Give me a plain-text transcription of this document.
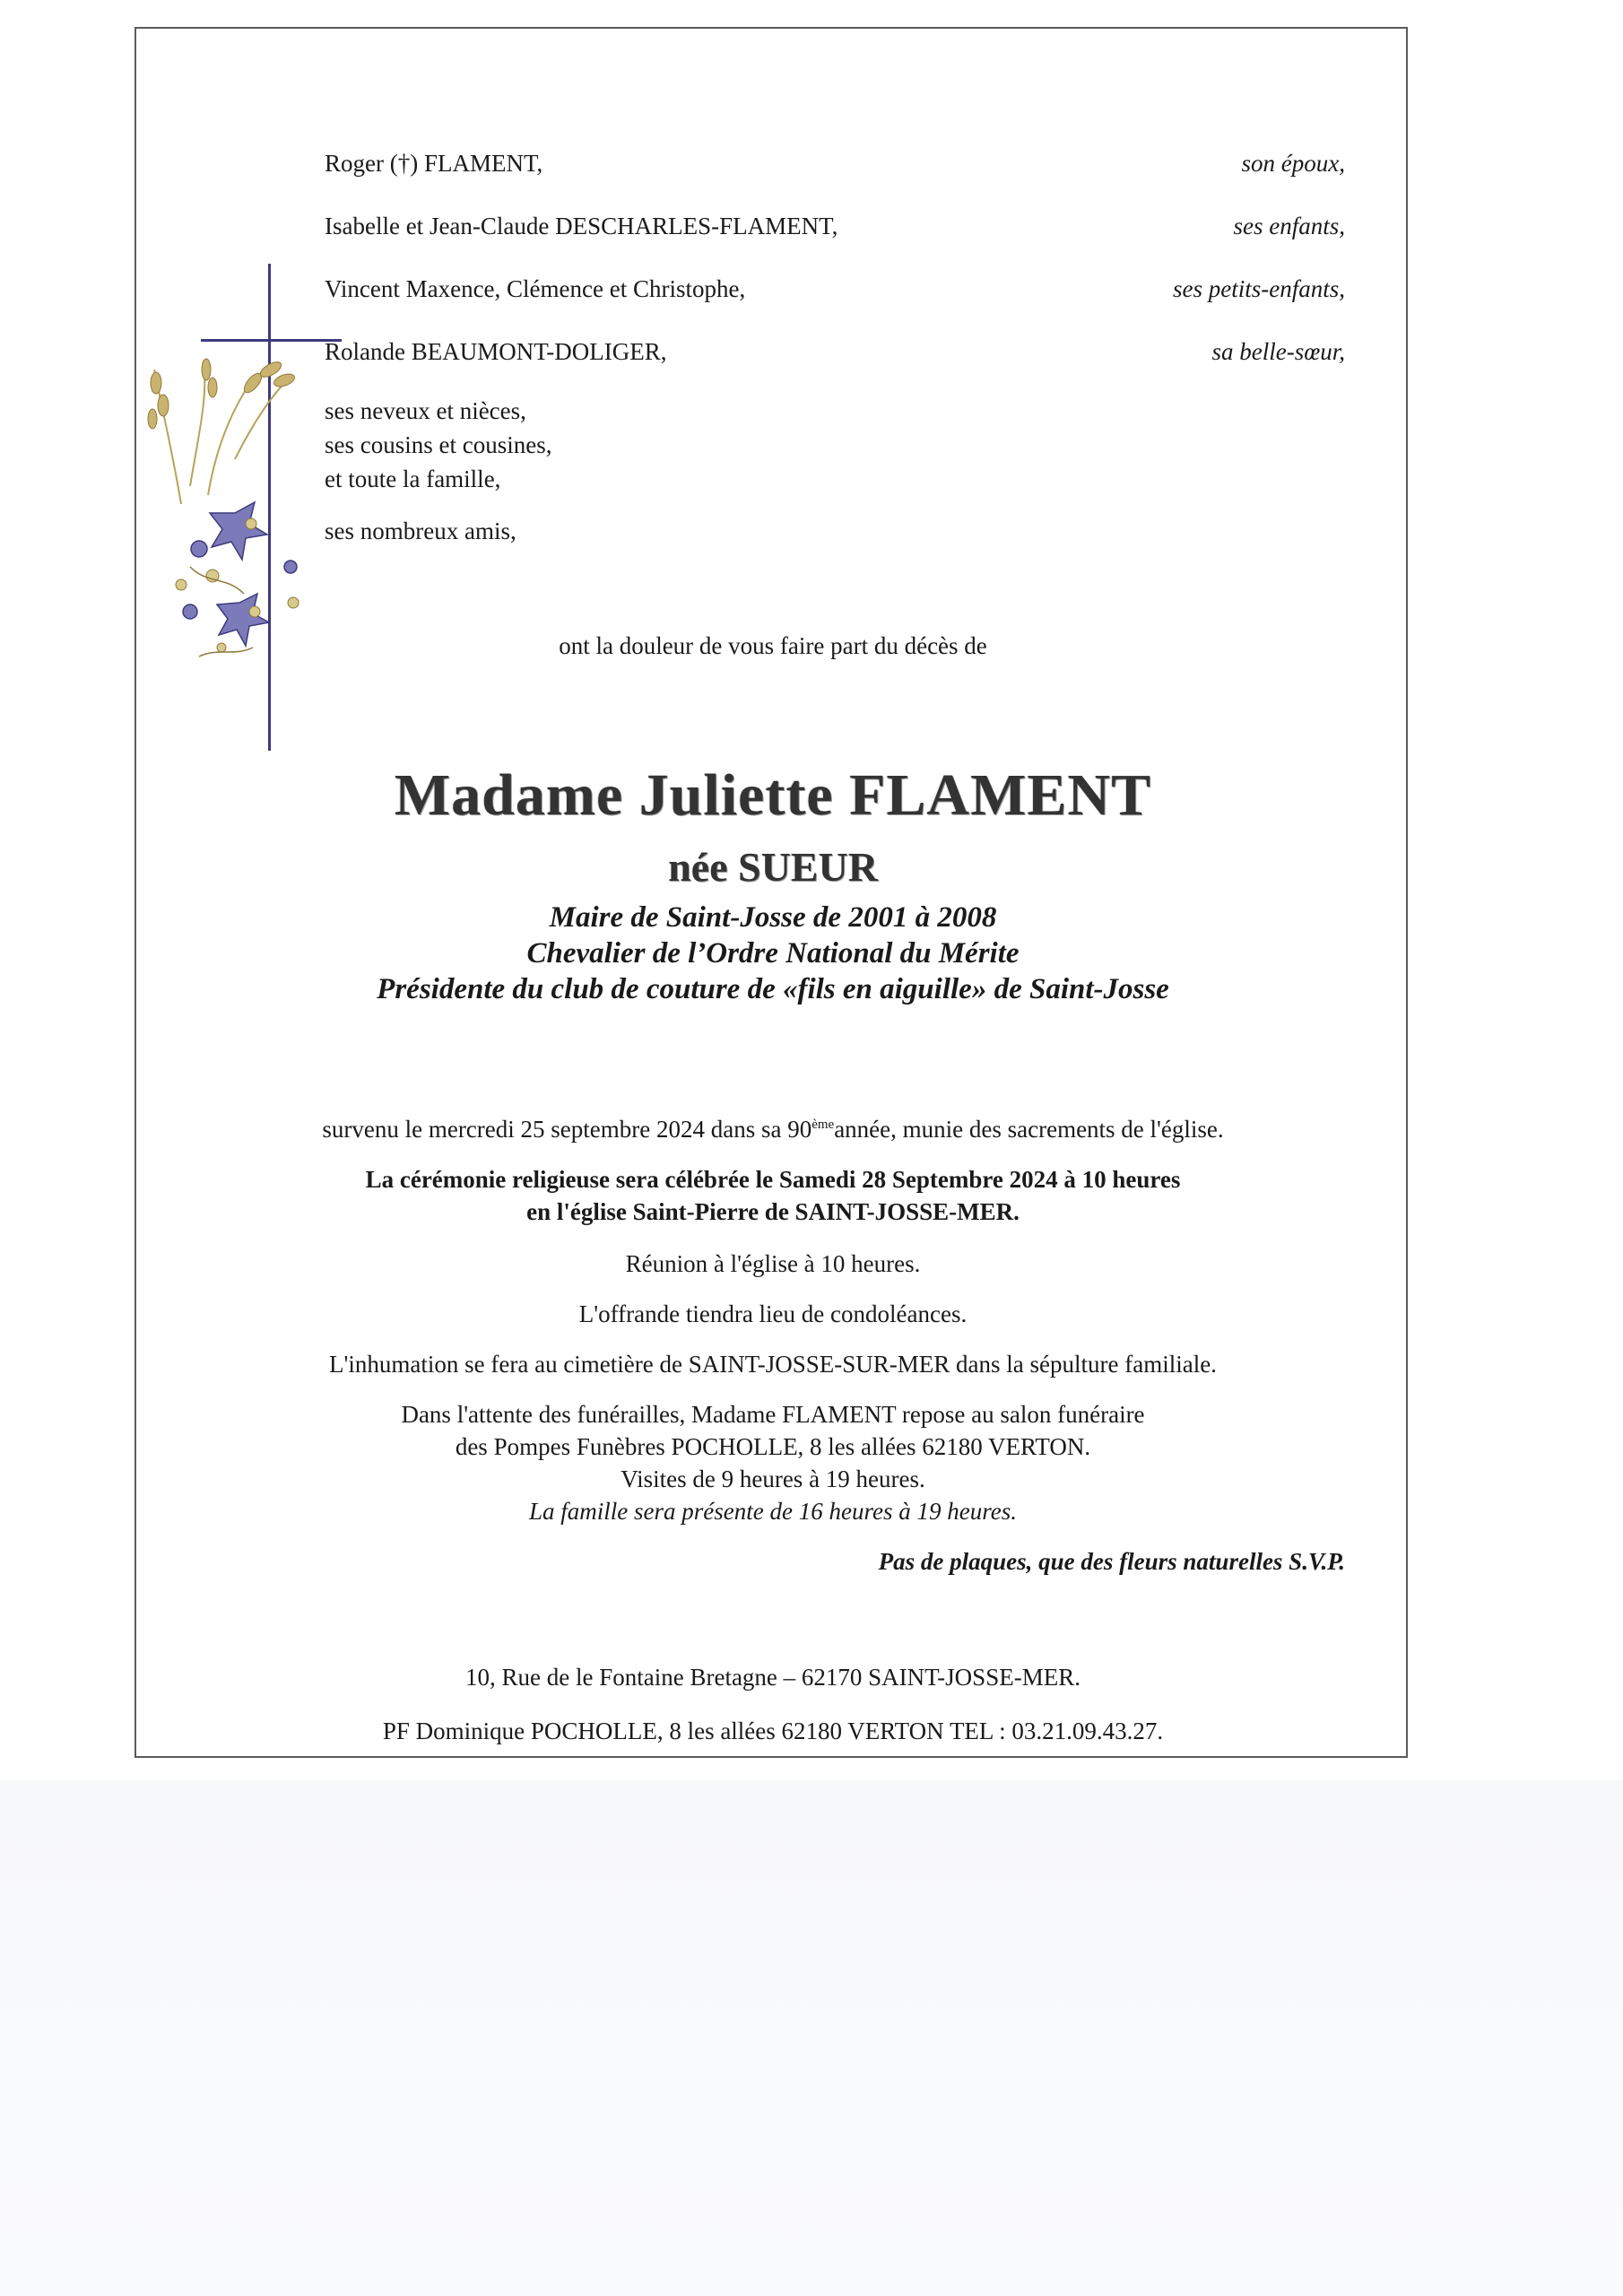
Roger (†) FLAMENT,	son époux,
Isabelle et Jean-Claude DESCHARLES-FLAMENT,	ses enfants,
Vincent Maxence, Clémence et Christophe,	ses petits-enfants,
Rolande BEAUMONT-DOLIGER,	sa belle-sœur,
ses neveux et nièces,
ses cousins et cousines,
et toute la famille,
ses nombreux amis,
ont la douleur de vous faire part du décès de
Madame Juliette FLAMENT
née SUEUR
Maire de Saint-Josse de 2001 à 2008
Chevalier de l’Ordre National du Mérite
Présidente du club de couture de «fils en aiguille» de Saint-Josse
survenu le mercredi 25 septembre 2024 dans sa 90èmeannée, munie des sacrements de l'église.
La cérémonie religieuse sera célébrée le Samedi 28 Septembre 2024 à 10 heures
en l'église Saint-Pierre de SAINT-JOSSE-MER.
Réunion à l'église à 10 heures.
L'offrande tiendra lieu de condoléances.
L'inhumation se fera au cimetière de SAINT-JOSSE-SUR-MER dans la sépulture familiale.
Dans l'attente des funérailles, Madame FLAMENT repose au salon funéraire
des Pompes Funèbres POCHOLLE, 8 les allées 62180 VERTON.
Visites de 9 heures à 19 heures.
La famille sera présente de 16 heures à 19 heures.
Pas de plaques, que des fleurs naturelles S.V.P.
10, Rue de le Fontaine Bretagne – 62170 SAINT-JOSSE-MER.
PF Dominique POCHOLLE, 8 les allées 62180 VERTON TEL : 03.21.09.43.27.
